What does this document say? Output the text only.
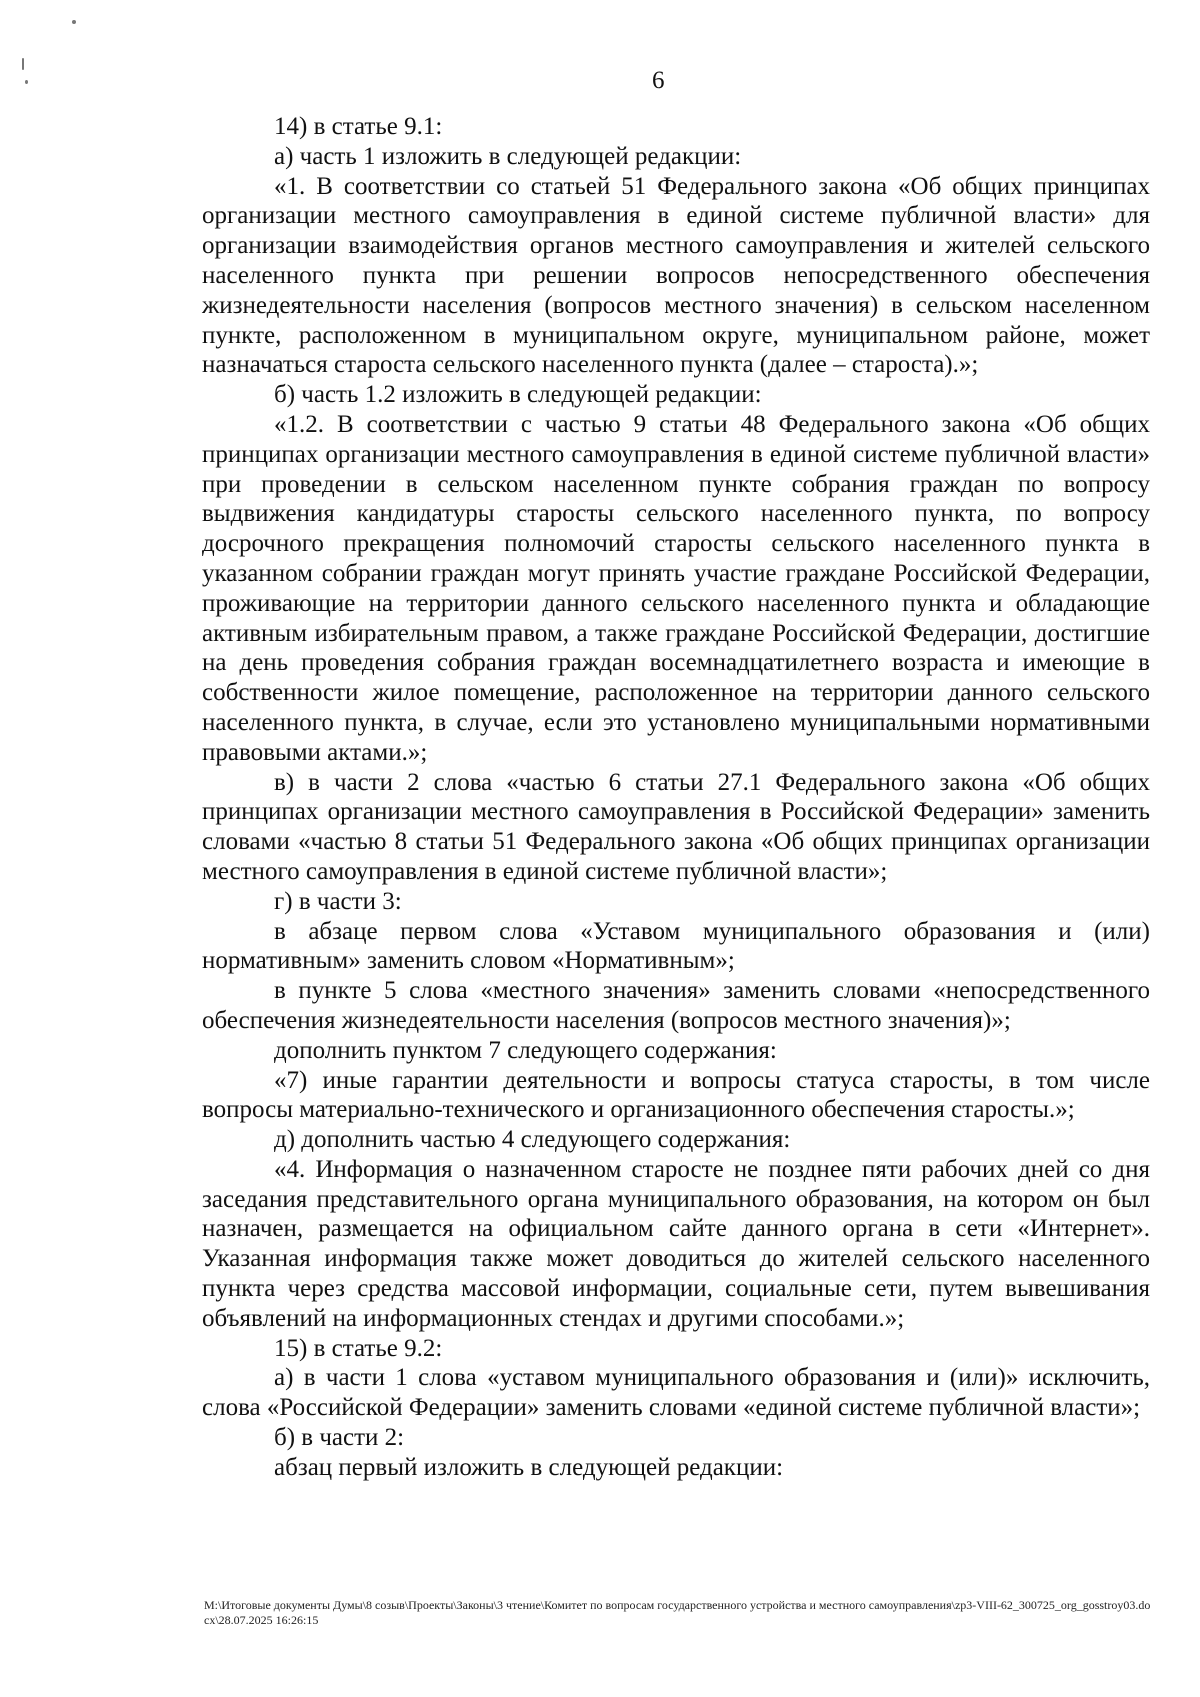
6

14) в статье 9.1:

а) часть 1 изложить в следующей редакции:

«1. В соответствии со статьей 51 Федерального закона «Об общих принципах организации местного самоуправления в единой системе публичной власти» для организации взаимодействия органов местного самоуправления и жителей сельского населенного пункта при решении вопросов непосредственного обеспечения жизнедеятельности населения (вопросов местного значения) в сельском населенном пункте, расположенном в муниципальном округе, муниципальном районе, может назначаться староста сельского населенного пункта (далее – староста).»;

б) часть 1.2 изложить в следующей редакции:

«1.2. В соответствии с частью 9 статьи 48 Федерального закона «Об общих принципах организации местного самоуправления в единой системе публичной власти» при проведении в сельском населенном пункте собрания граждан по вопросу выдвижения кандидатуры старосты сельского населенного пункта, по вопросу досрочного прекращения полномочий старосты сельского населенного пункта в указанном собрании граждан могут принять участие граждане Российской Федерации, проживающие на территории данного сельского населенного пункта и обладающие активным избирательным правом, а также граждане Российской Федерации, достигшие на день проведения собрания граждан восемнадцатилетнего возраста и имеющие в собственности жилое помещение, расположенное на территории данного сельского населенного пункта, в случае, если это установлено муниципальными нормативными правовыми актами.»;

в) в части 2 слова «частью 6 статьи 27.1 Федерального закона «Об общих принципах организации местного самоуправления в Российской Федерации» заменить словами «частью 8 статьи 51 Федерального закона «Об общих принципах организации местного самоуправления в единой системе публичной власти»;

г) в части 3:

в абзаце первом слова «Уставом муниципального образования и (или) нормативным» заменить словом «Нормативным»;

в пункте 5 слова «местного значения» заменить словами «непосредственного обеспечения жизнедеятельности населения (вопросов местного значения)»;

дополнить пунктом 7 следующего содержания:

«7) иные гарантии деятельности и вопросы статуса старосты, в том числе вопросы материально-технического и организационного обеспечения старосты.»;

д) дополнить частью 4 следующего содержания:

«4. Информация о назначенном старосте не позднее пяти рабочих дней со дня заседания представительного органа муниципального образования, на котором он был назначен, размещается на официальном сайте данного органа в сети «Интернет». Указанная информация также может доводиться до жителей сельского населенного пункта через средства массовой информации, социальные сети, путем вывешивания объявлений на информационных стендах и другими способами.»;

15) в статье 9.2:

а) в части 1 слова «уставом муниципального образования и (или)» исключить, слова «Российской Федерации» заменить словами «единой системе публичной власти»;

б) в части 2:

абзац первый изложить в следующей редакции:

M:\Итоговые документы Думы\8 созыв\Проекты\Законы\3 чтение\Комитет по вопросам государственного устройства и местного самоуправления\zp3-VIII-62_300725_org_gosstroy03.docx\28.07.2025 16:26:15
